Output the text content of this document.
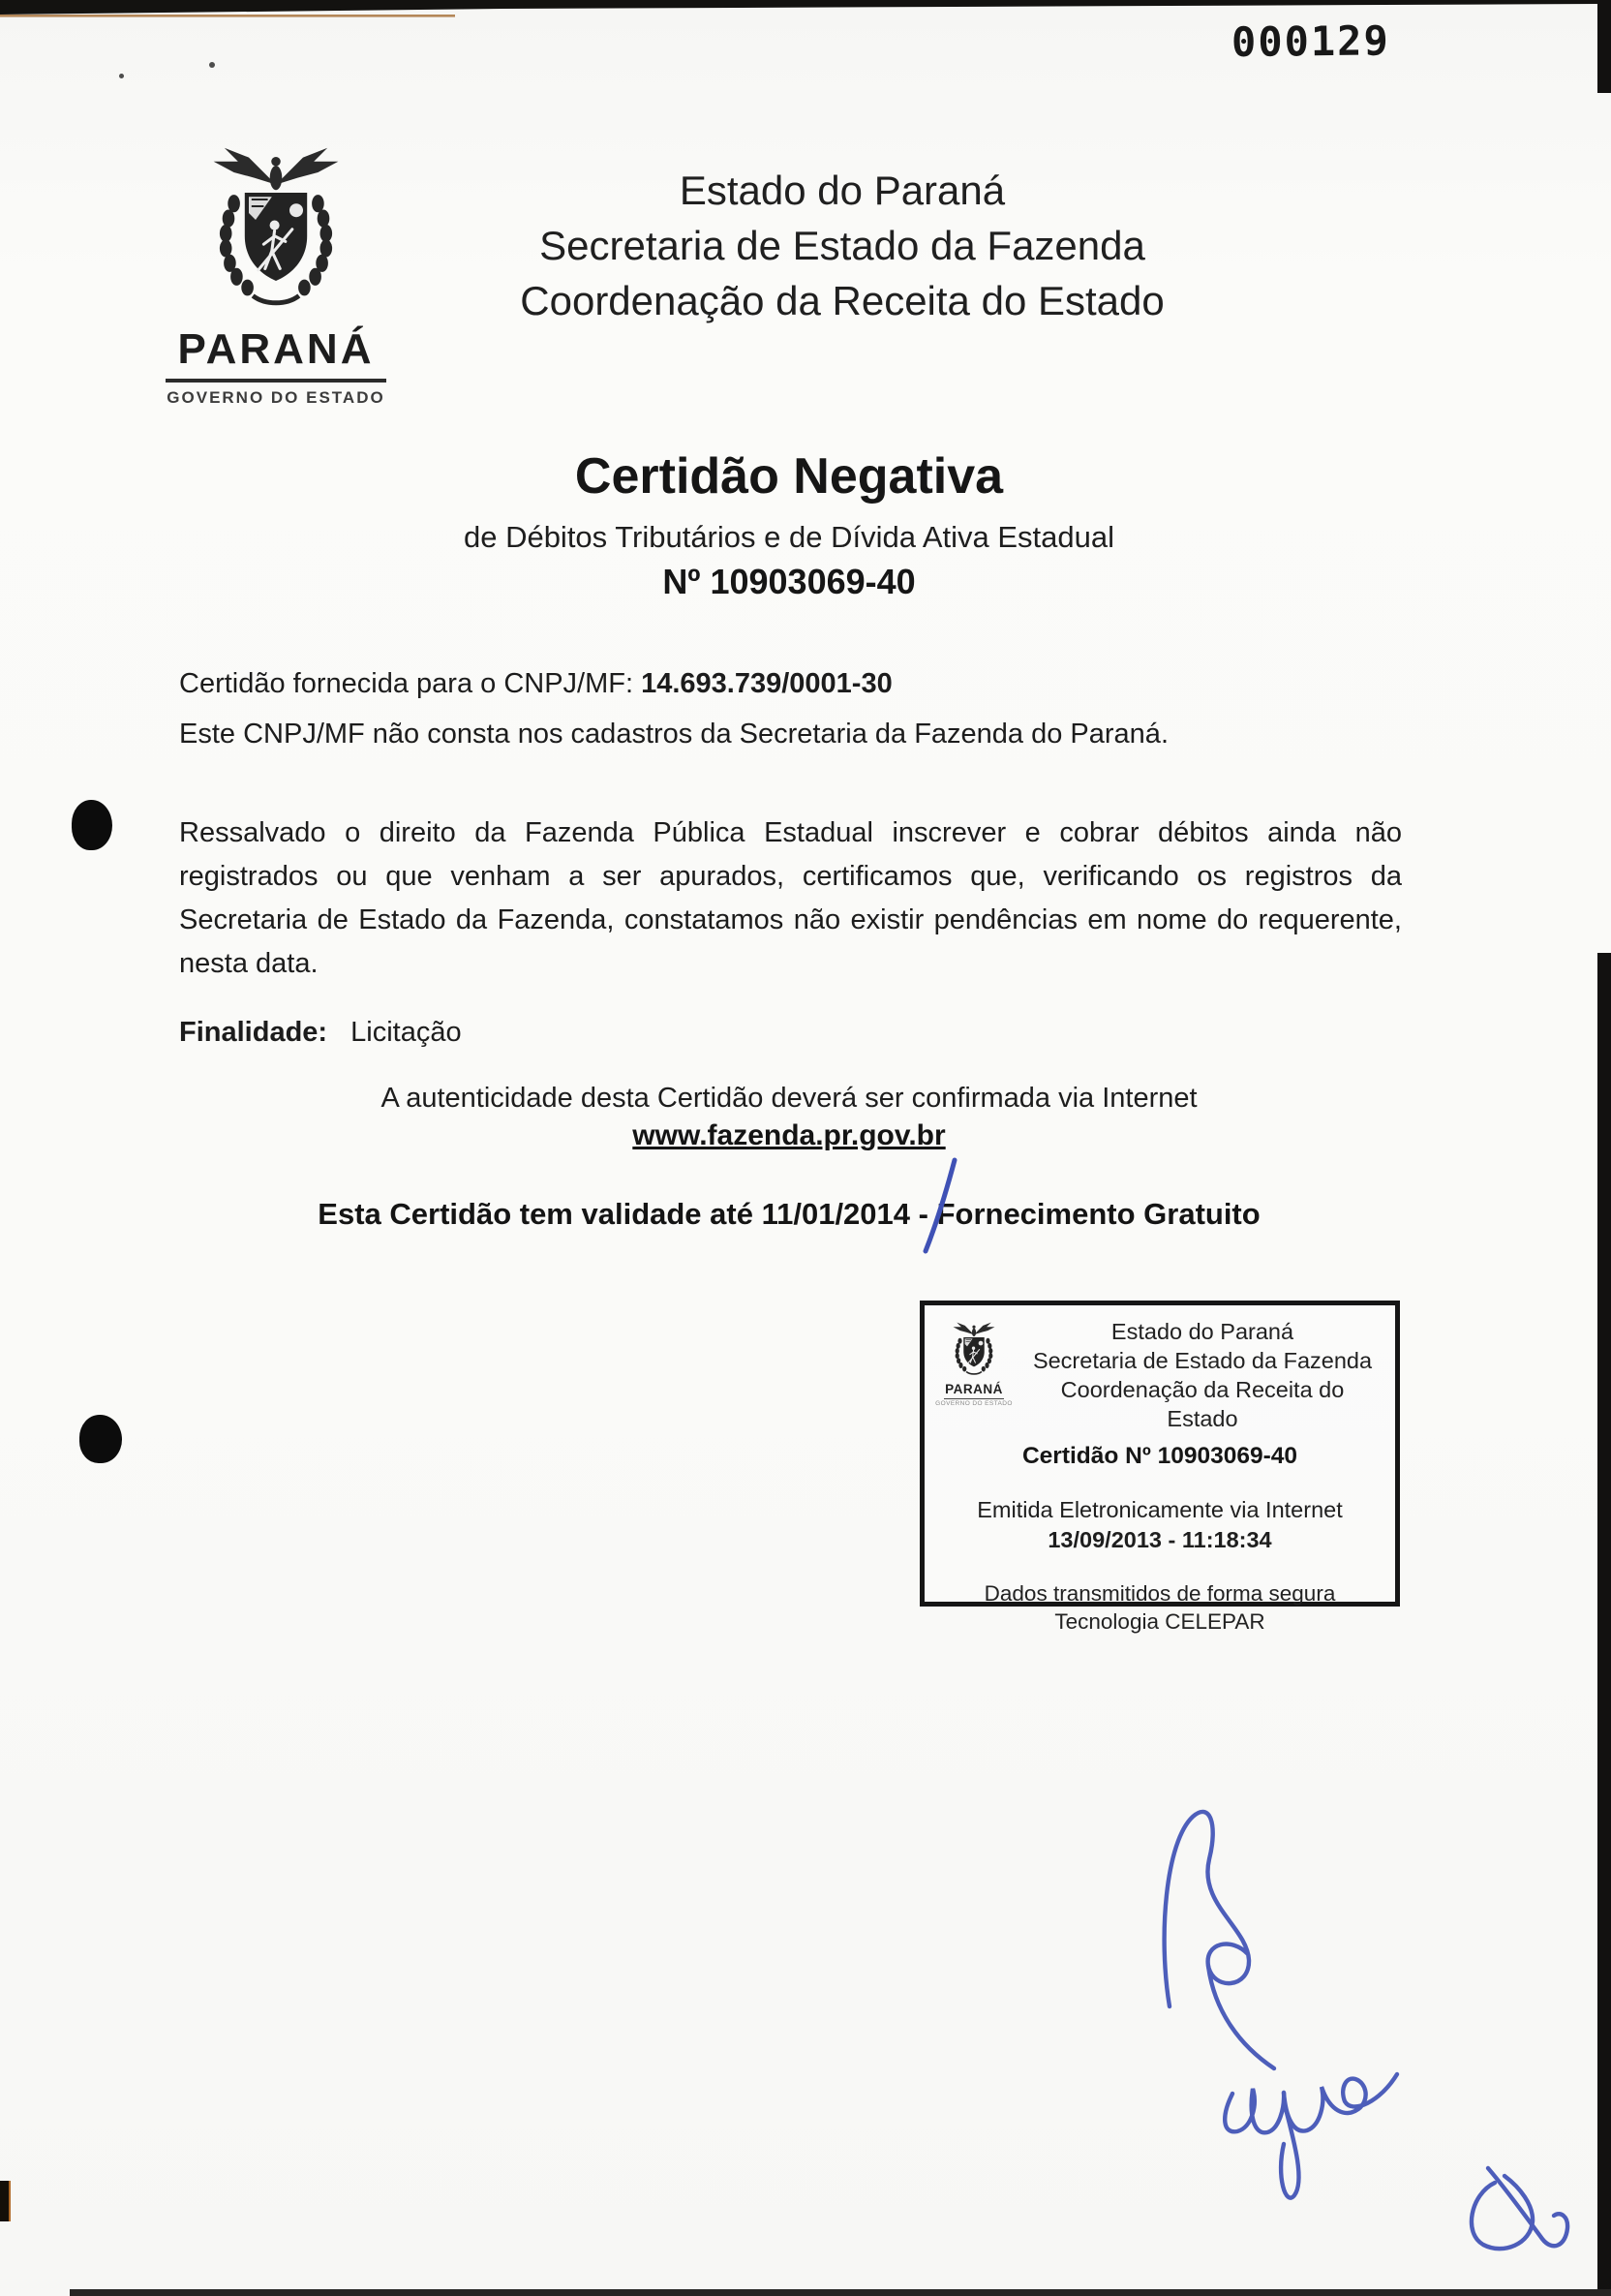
000129
PARANÁ
GOVERNO DO ESTADO
Estado do Paraná
Secretaria de Estado da Fazenda
Coordenação da Receita do Estado
Certidão Negativa
de Débitos Tributários e de Dívida Ativa Estadual
Nº 10903069-40
Certidão fornecida para o CNPJ/MF: 14.693.739/0001-30
Este CNPJ/MF não consta nos cadastros da Secretaria da Fazenda do Paraná.
Ressalvado o direito da Fazenda Pública Estadual inscrever e cobrar débitos ainda não registrados ou que venham a ser apurados, certificamos que, verificando os registros da Secretaria de Estado da Fazenda, constatamos não existir pendências em nome do requerente, nesta data.
Finalidade: Licitação
A autenticidade desta Certidão deverá ser confirmada via Internet
www.fazenda.pr.gov.br
Esta Certidão tem validade até 11/01/2014 - Fornecimento Gratuito
PARANÁ
GOVERNO DO ESTADO
Estado do Paraná
Secretaria de Estado da Fazenda
Coordenação da Receita do Estado
Certidão Nº 10903069-40
Emitida Eletronicamente via Internet
13/09/2013 - 11:18:34
Dados transmitidos de forma segura
Tecnologia CELEPAR
